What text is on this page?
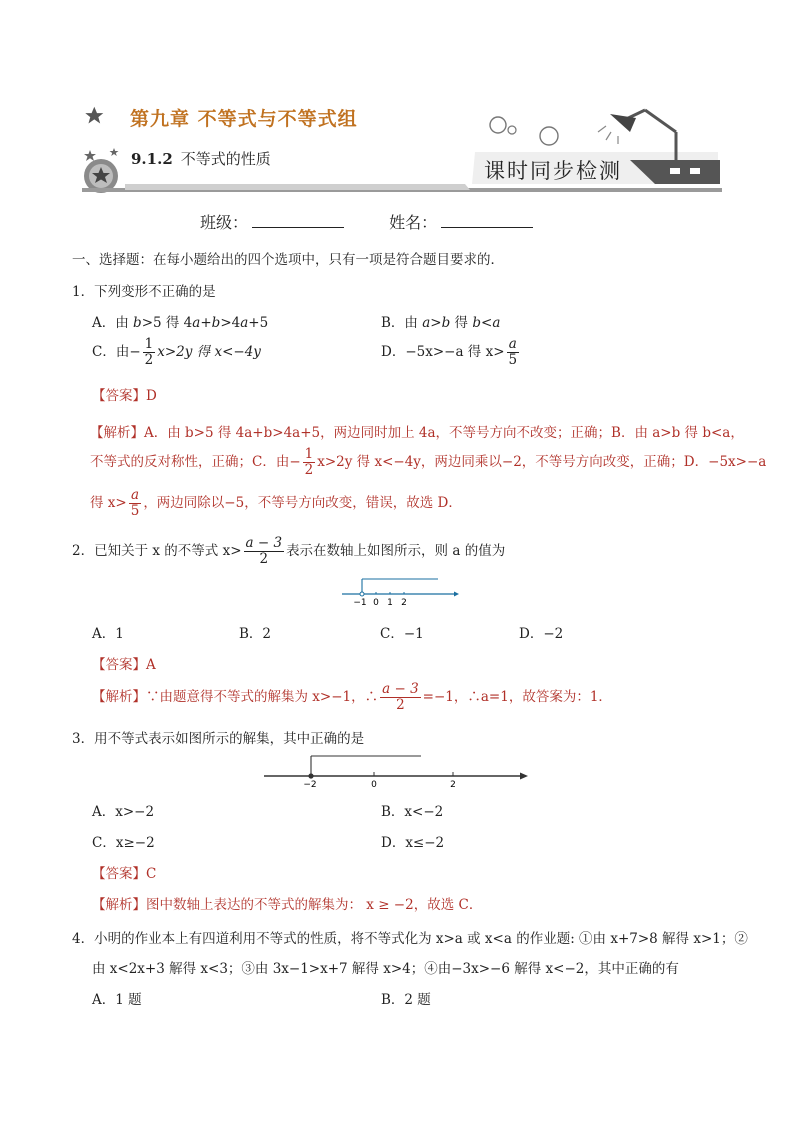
第九章 不等式与不等式组
9.1.2 不等式的性质	课时同步检测
班级：	姓名：
一、选择题：在每小题给出的四个选项中，只有一项是符合题目要求的．
1．下列变形不正确的是
A．由 b>5 得 4a+b>4a+5	B．由 a>b 得 b<a
C．由− $\frac{1}{2} x>2y$ 得 x<−4y	D．−5x>−a 得 $x> \frac{a}{5}$
【答案】D
【解析】A．由 b>5 得 4a+b>4a+5，两边同时加上 4a，不等号方向不改变；正确；B．由 a>b 得 b<a，
不等式的反对称性，正确；C．由− $\frac{1}{2} x>2y$ 得 x<−4y，两边同乘以−2，不等号方向改变，正确；D．−5x>−a
得 $x> \frac{a}{5}$ ，两边同除以−5，不等号方向改变，错误，故选 D．
2．已知关于 x 的不等式 $x> \frac{a - 3}{2}$ 表示在数轴上如图所示，则 a 的值为
−1 0 1 2
A．1	B．2	C．−1	D．−2
【答案】A
【解析】∵由题意得不等式的解集为 x>−1，∴ $\frac{a - 3}{2} =-1$，∴a=1，故答案为：1．
3．用不等式表示如图所示的解集，其中正确的是
−2	0	2
A．x>−2	B．x<−2
C．x≥−2	D．x≤−2
【答案】C
【解析】图中数轴上表达的不等式的解集为： x ≥ −2，故选 C．
4．小明的作业本上有四道利用不等式的性质，将不等式化为 x>a 或 x<a 的作业题: ①由 x+7>8 解得 x>1；②
由 x<2x+3 解得 x<3；③由 3x−1>x+7 解得 x>4；④由−3x>−6 解得 x<−2，其中正确的有
A．1 题	B．2 题
